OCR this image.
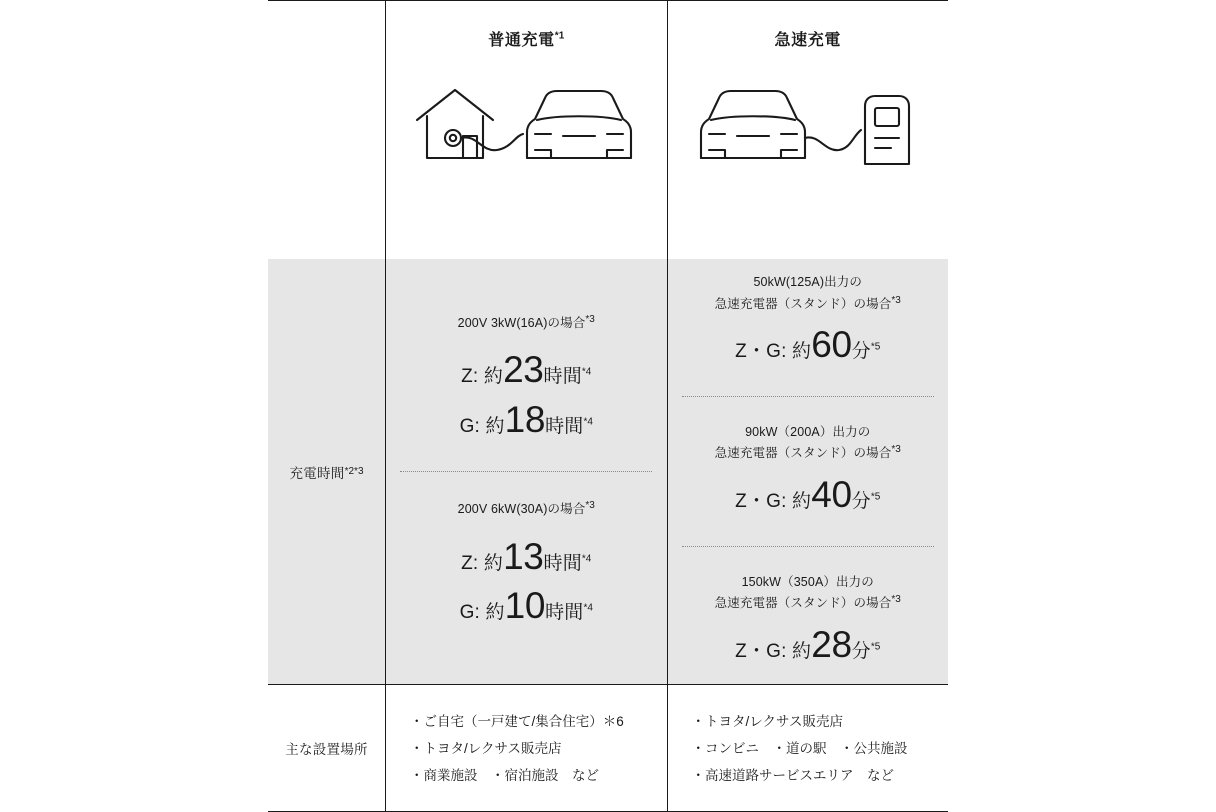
普通充電$^{*1}$	急速充電
充電時間 *2*3
200V 3kW(16A)の場合$^{*3}$
Z: 約23時間$^{*4}$
G: 約18時間$^{*4}$
200V 6kW(30A)の場合$^{*3}$
Z: 約13時間$^{*4}$
G: 約10時間$^{*4}$
50kW(125A)出力の
急速充電器（スタンド）の場合$^{*3}$
Z・G: 約60分$^{*5}$
90kW（200A）出力の
急速充電器（スタンド）の場合$^{*3}$
Z・G: 約40分$^{*5}$
150kW（350A）出力の
急速充電器（スタンド）の場合$^{*3}$
Z・G: 約28分$^{*5}$
主な設置場所
・ご自宅（一戸建て/集合住宅）＊6
・トヨタ/レクサス販売店
・商業施設　・宿泊施設　など
・トヨタ/レクサス販売店
・コンビニ　・道の駅　・公共施設
・高速道路サービスエリア　など
